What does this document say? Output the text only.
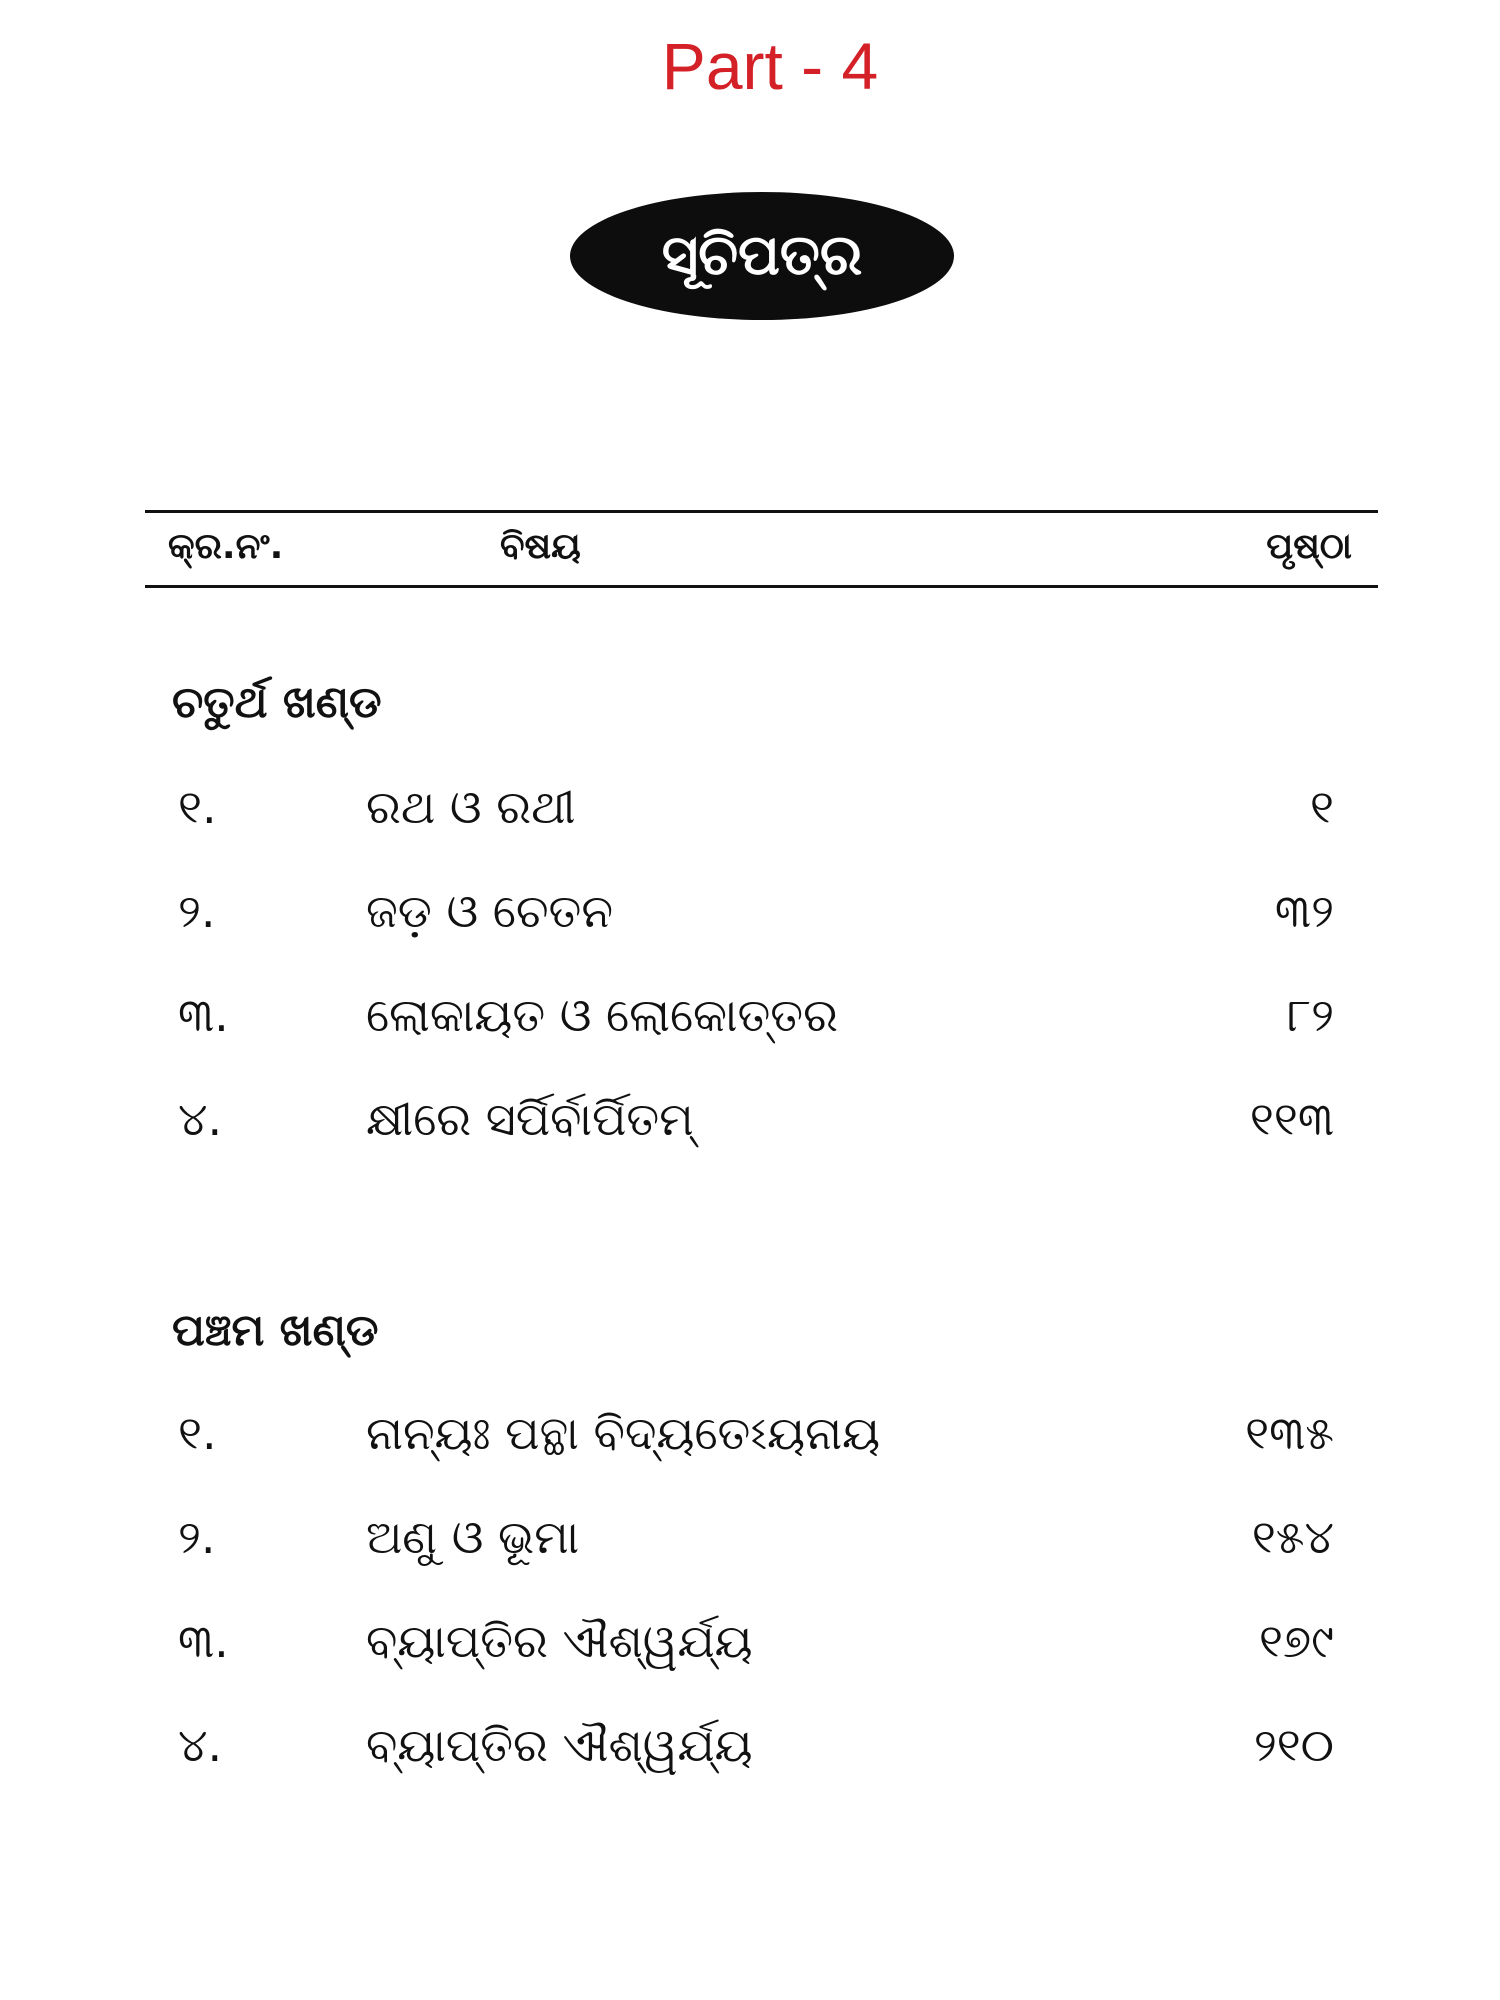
Part - 4
ସୂଚିପତ୍ର
କ୍ର.ନଂ.	ବିଷୟ	ପୃଷ୍ଠା
ଚତୁର୍ଥ ଖଣ୍ଡ
୧.	ରଥ ଓ ରଥୀ	୧
୨.	ଜଡ଼ ଓ ଚେତନ	୩୨
୩.	ଲୋକାୟତ ଓ ଲୋକୋତ୍ତର	୮୨
୪.	କ୍ଷୀରେ ସର୍ପିର୍ବାର୍ପିତମ୍	୧୧୩
ପଞ୍ଚମ ଖଣ୍ଡ
୧.	ନାନ୍ୟଃ ପନ୍ଥା ବିଦ୍ୟତେଽୟନାୟ	୧୩୫
୨.	ଅଣୁ ଓ ଭୂମା	୧୫୪
୩.	ବ୍ୟାପ୍ତିର ଐଶ୍ୱର୍ଯ୍ୟ	୧୭୯
୪.	ବ୍ୟାପ୍ତିର ଐଶ୍ୱର୍ଯ୍ୟ	୨୧୦
